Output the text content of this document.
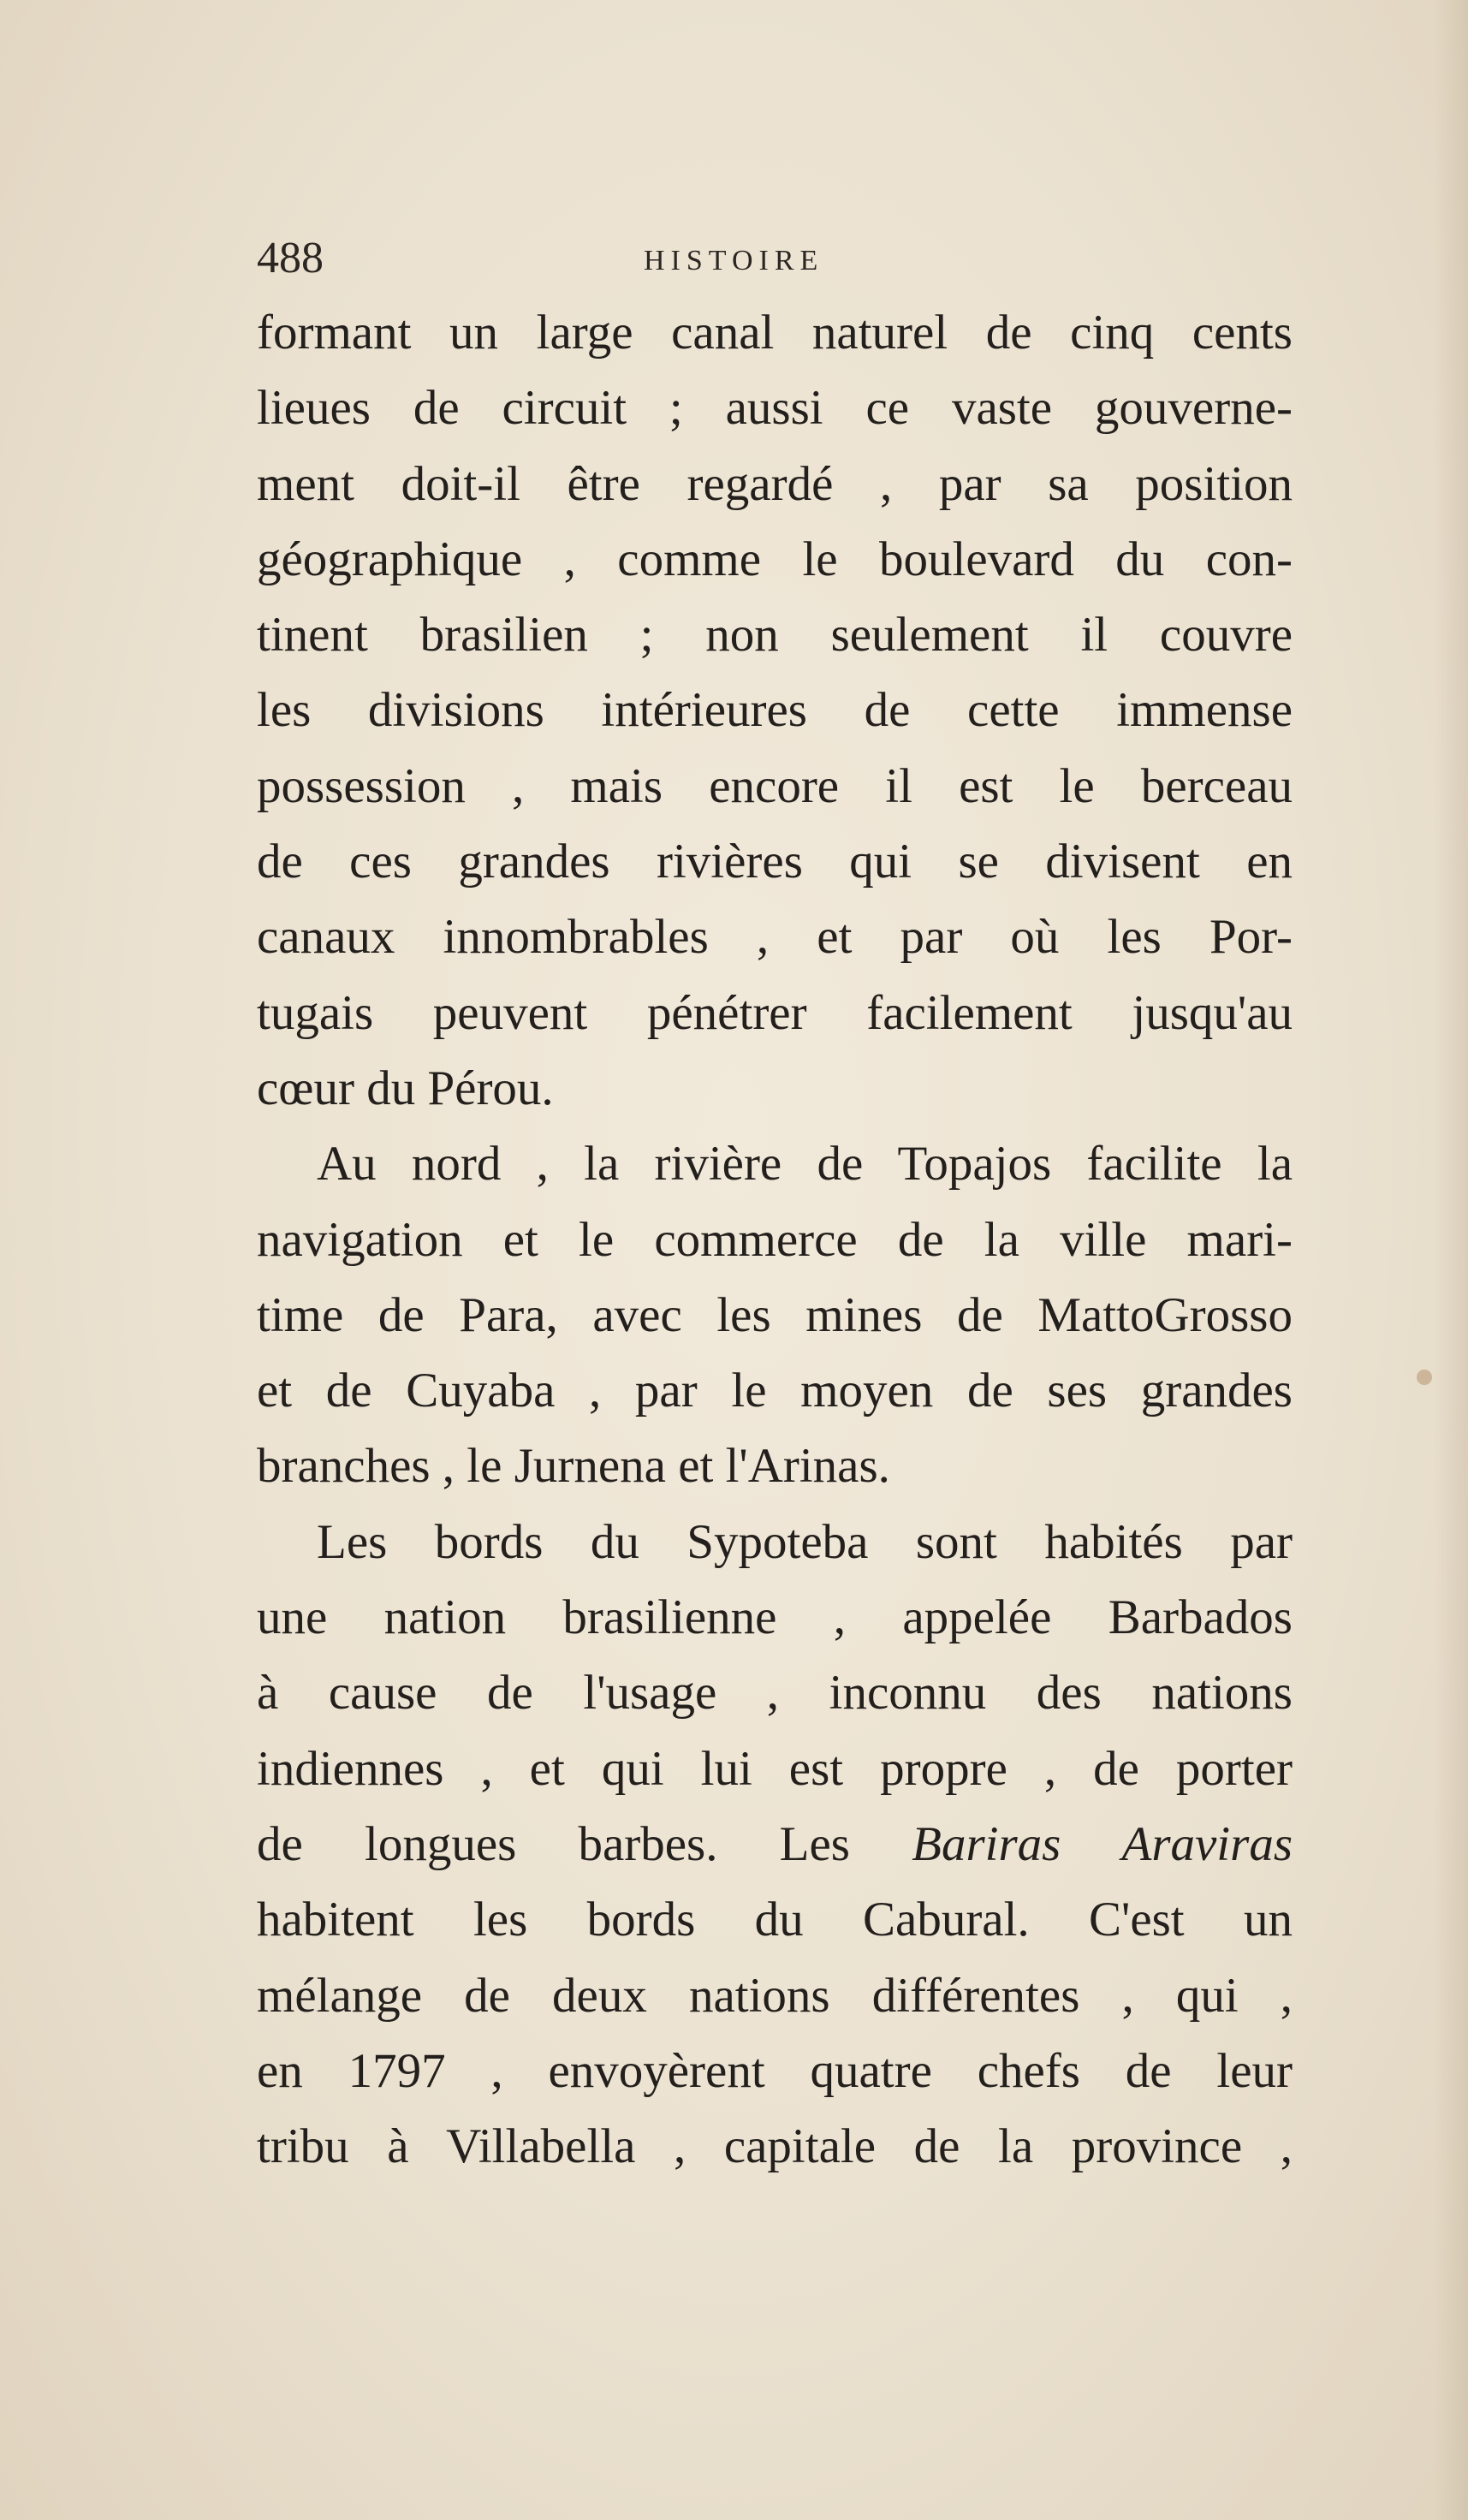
488	HISTOIRE
formant un large canal naturel de cinq cents
lieues de circuit ; aussi ce vaste gouverne-
ment doit-il être regardé , par sa position
géographique , comme le boulevard du con-
tinent brasilien ; non seulement il couvre
les divisions intérieures de cette immense
possession , mais encore il est le berceau
de ces grandes rivières qui se divisent en
canaux innombrables , et par où les Por-
tugais peuvent pénétrer facilement jusqu'au
cœur du Pérou.
Au nord , la rivière de Topajos facilite la
navigation et le commerce de la ville mari-
time de Para, avec les mines de MattoGrosso
et de Cuyaba , par le moyen de ses grandes
branches , le Jurnena et l'Arinas.
Les bords du Sypoteba sont habités par
une nation brasilienne , appelée Barbados
à cause de l'usage , inconnu des nations
indiennes , et qui lui est propre , de porter
de longues barbes. Les Bariras Araviras
habitent les bords du Cabural. C'est un
mélange de deux nations différentes , qui ,
en 1797 , envoyèrent quatre chefs de leur
tribu à Villabella , capitale de la province ,
